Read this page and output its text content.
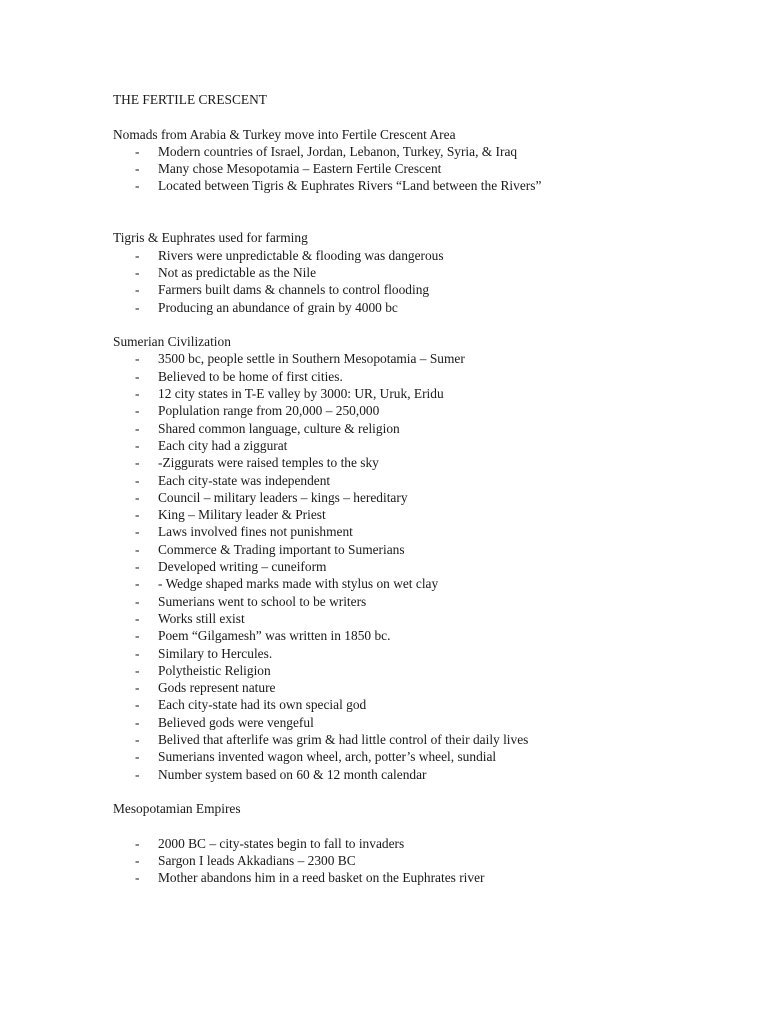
THE FERTILE CRESCENT
Nomads from Arabia & Turkey move into Fertile Crescent Area
- Modern countries of Israel, Jordan, Lebanon, Turkey, Syria, & Iraq
- Many chose Mesopotamia – Eastern Fertile Crescent
- Located between Tigris & Euphrates Rivers “Land between the Rivers”
Tigris & Euphrates used for farming
- Rivers were unpredictable & flooding was dangerous
- Not as predictable as the Nile
- Farmers built dams & channels to control flooding
- Producing an abundance of grain by 4000 bc
Sumerian Civilization
- 3500 bc, people settle in Southern Mesopotamia – Sumer
- Believed to be home of first cities.
- 12 city states in T-E valley by 3000: UR, Uruk, Eridu
- Poplulation range from 20,000 – 250,000
- Shared common language, culture & religion
- Each city had a ziggurat
- -Ziggurats were raised temples to the sky
- Each city-state was independent
- Council – military leaders – kings – hereditary
- King – Military leader & Priest
- Laws involved fines not punishment
- Commerce & Trading important to Sumerians
- Developed writing – cuneiform
- - Wedge shaped marks made with stylus on wet clay
- Sumerians went to school to be writers
- Works still exist
- Poem “Gilgamesh” was written in 1850 bc.
- Similary to Hercules.
- Polytheistic Religion
- Gods represent nature
- Each city-state had its own special god
- Believed gods were vengeful
- Belived that afterlife was grim & had little control of their daily lives
- Sumerians invented wagon wheel, arch, potter’s wheel, sundial
- Number system based on 60 & 12 month calendar
Mesopotamian Empires
- 2000 BC – city-states begin to fall to invaders
- Sargon I leads Akkadians – 2300 BC
- Mother abandons him in a reed basket on the Euphrates river
